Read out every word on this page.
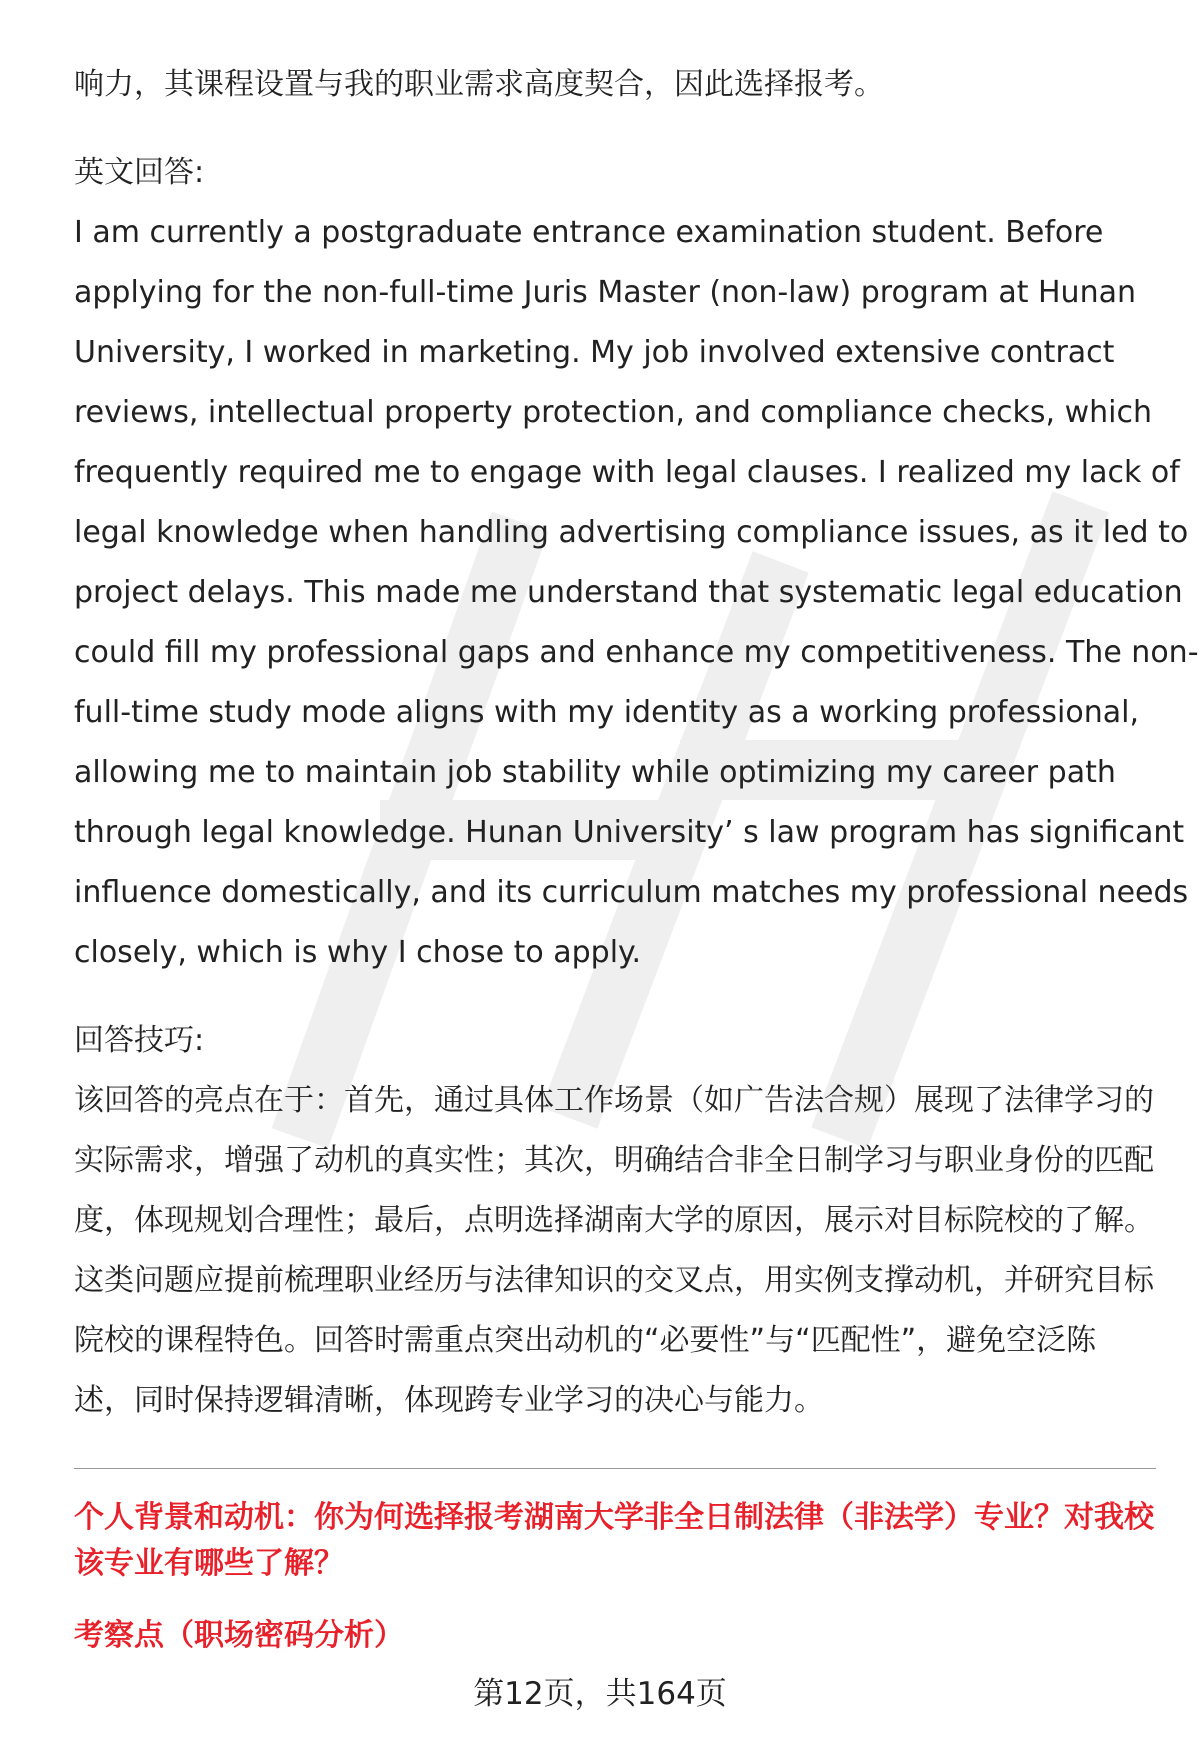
响力，其课程设置与我的职业需求高度契合，因此选择报考。

英文回答:

I am currently a postgraduate entrance examination student. Before

applying for the non-full-time Juris Master (non-law) program at Hunan

University, I worked in marketing. My job involved extensive contract

reviews, intellectual property protection, and compliance checks, which

frequently required me to engage with legal clauses. I realized my lack of

legal knowledge when handling advertising compliance issues, as it led to

project delays. This made me understand that systematic legal education

could fill my professional gaps and enhance my competitiveness. The non-

full-time study mode aligns with my identity as a working professional,

allowing me to maintain job stability while optimizing my career path

through legal knowledge. Hunan University’ s law program has significant

influence domestically, and its curriculum matches my professional needs

closely, which is why I chose to apply.

回答技巧:

该回答的亮点在于：首先，通过具体工作场景（如广告法合规）展现了法律学习的

实际需求，增强了动机的真实性；其次，明确结合非全日制学习与职业身份的匹配

度，体现规划合理性；最后，点明选择湖南大学的原因，展示对目标院校的了解。

这类问题应提前梳理职业经历与法律知识的交叉点，用实例支撑动机，并研究目标

院校的课程特色。回答时需重点突出动机的“必要性”与“匹配性”，避免空泛陈

述，同时保持逻辑清晰，体现跨专业学习的决心与能力。

个人背景和动机：你为何选择报考湖南大学非全日制法律（非法学）专业？对我校
该专业有哪些了解？
考察点（职场密码分析）
第12页，共164页
